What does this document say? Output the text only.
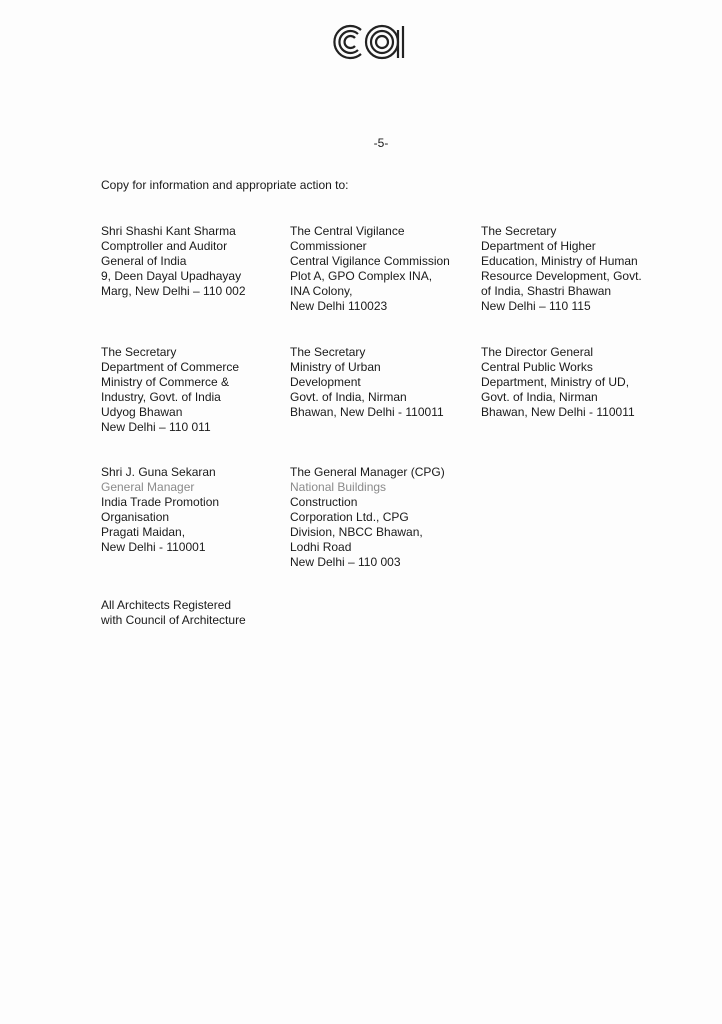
-5-
Copy for information and appropriate action to:

Shri Shashi Kant Sharma
Comptroller and Auditor
General of India
9, Deen Dayal Upadhayay
Marg, New Delhi – 110 002

The Central Vigilance
Commissioner
Central Vigilance Commission
Plot A, GPO Complex INA,
INA Colony,
New Delhi 110023

The Secretary
Department of Higher
Education, Ministry of Human
Resource Development, Govt.
of India, Shastri Bhawan
New Delhi – 110 115

The Secretary
Department of Commerce
Ministry of Commerce &
Industry, Govt. of India
Udyog Bhawan
New Delhi – 110 011

The Secretary
Ministry of Urban
Development
Govt. of India, Nirman
Bhawan, New Delhi - 110011

The Director General
Central Public Works
Department, Ministry of UD,
Govt. of India, Nirman
Bhawan, New Delhi - 110011

Shri J. Guna Sekaran
General Manager
India Trade Promotion
Organisation
Pragati Maidan,
New Delhi - 110001

The General Manager (CPG)
National Buildings
Construction
Corporation Ltd., CPG
Division, NBCC Bhawan,
Lodhi Road
New Delhi – 110 003

All Architects Registered
with Council of Architecture
